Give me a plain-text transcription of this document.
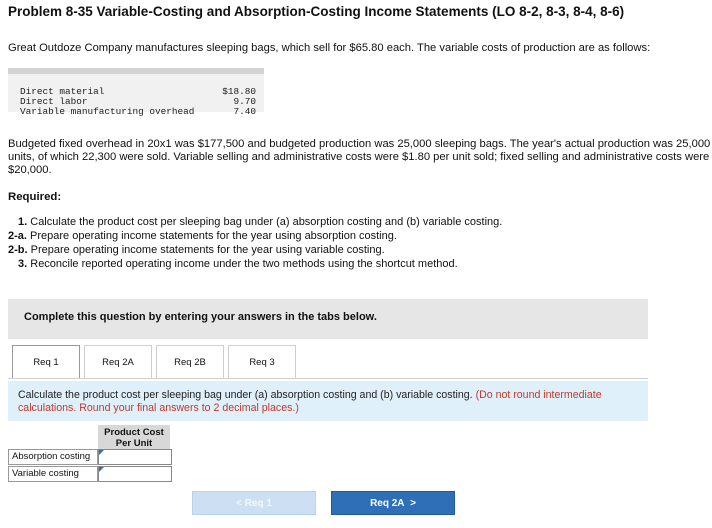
Problem 8-35 Variable-Costing and Absorption-Costing Income Statements (LO 8-2, 8-3, 8-4, 8-6)
Great Outdoze Company manufactures sleeping bags, which sell for $65.80 each. The variable costs of production are as follows:
Direct material	$18.80
Direct labor	9.70
Variable manufacturing overhead	7.40
Budgeted fixed overhead in 20x1 was $177,500 and budgeted production was 25,000 sleeping bags. The year's actual production was 25,000 units, of which 22,300 were sold. Variable selling and administrative costs were $1.80 per unit sold; fixed selling and administrative costs were $20,000.
Required:
1. Calculate the product cost per sleeping bag under (a) absorption costing and (b) variable costing.
2-a. Prepare operating income statements for the year using absorption costing.
2-b. Prepare operating income statements for the year using variable costing.
3. Reconcile reported operating income under the two methods using the shortcut method.
Complete this question by entering your answers in the tabs below.
Req 1	Req 2A	Req 2B	Req 3
Calculate the product cost per sleeping bag under (a) absorption costing and (b) variable costing. (Do not round intermediate calculations. Round your final answers to 2 decimal places.)
Product Cost Per Unit
Absorption costing
Variable costing
< Req 1	Req 2A  >
